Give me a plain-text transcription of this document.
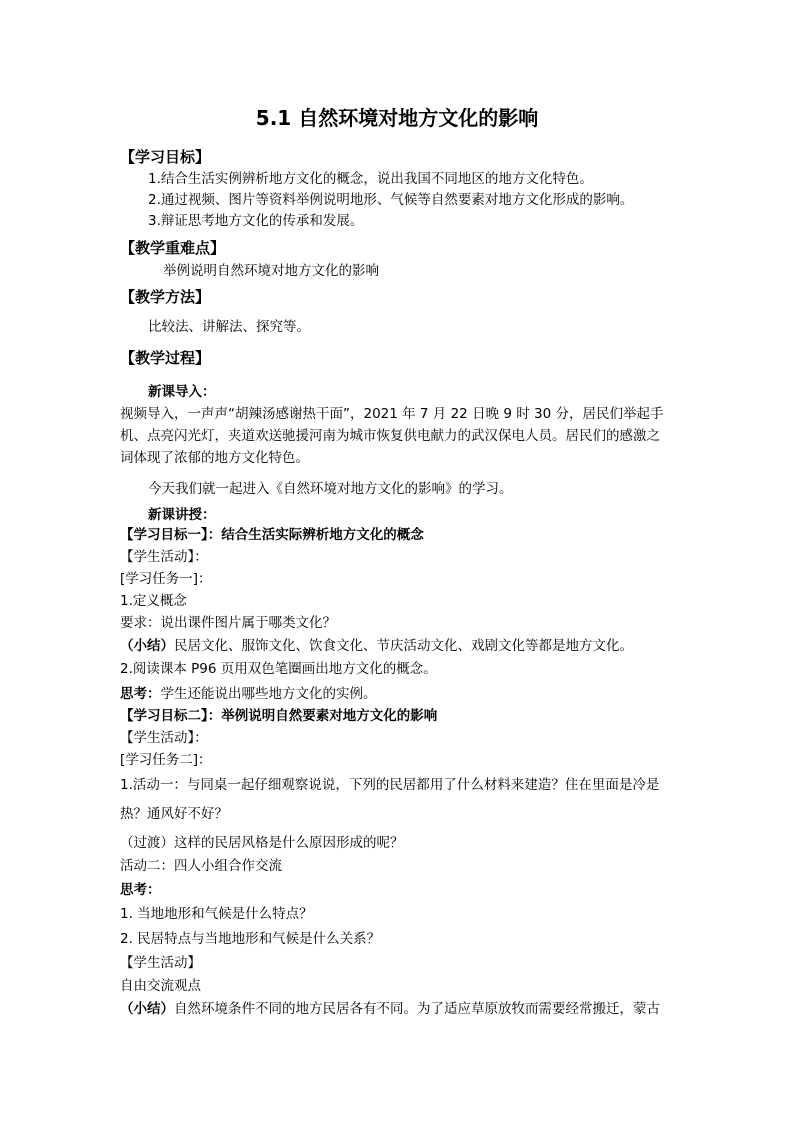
5.1 自然环境对地方文化的影响
【学习目标】
1.结合生活实例辨析地方文化的概念，说出我国不同地区的地方文化特色。
2.通过视频、图片等资料举例说明地形、气候等自然要素对地方文化形成的影响。
3.辩证思考地方文化的传承和发展。
【教学重难点】
举例说明自然环境对地方文化的影响
【教学方法】
比较法、讲解法、探究等。
【教学过程】
新课导入：
视频导入，一声声“胡辣汤感谢热干面”，2021 年 7 月 22 日晚 9 时 30 分，居民们举起手
机、点亮闪光灯，夹道欢送驰援河南为城市恢复供电献力的武汉保电人员。居民们的感激之
词体现了浓郁的地方文化特色。
今天我们就一起进入《自然环境对地方文化的影响》的学习。
新课讲授：
【学习目标一】：结合生活实际辨析地方文化的概念
【学生活动】：
[学习任务一]：
1.定义概念
要求：说出课件图片属于哪类文化？
（小结）民居文化、服饰文化、饮食文化、节庆活动文化、戏剧文化等都是地方文化。
2.阅读课本 P96 页用双色笔圈画出地方文化的概念。
思考：学生还能说出哪些地方文化的实例。
【学习目标二】：举例说明自然要素对地方文化的影响
【学生活动】：
[学习任务二]：
1.活动一：与同桌一起仔细观察说说，下列的民居都用了什么材料来建造？住在里面是冷是
热？通风好不好？
（过渡）这样的民居风格是什么原因形成的呢？
活动二：四人小组合作交流
思考：
1. 当地地形和气候是什么特点？
2. 民居特点与当地地形和气候是什么关系？
【学生活动】
自由交流观点
（小结）自然环境条件不同的地方民居各有不同。为了适应草原放牧而需要经常搬迁，蒙古
